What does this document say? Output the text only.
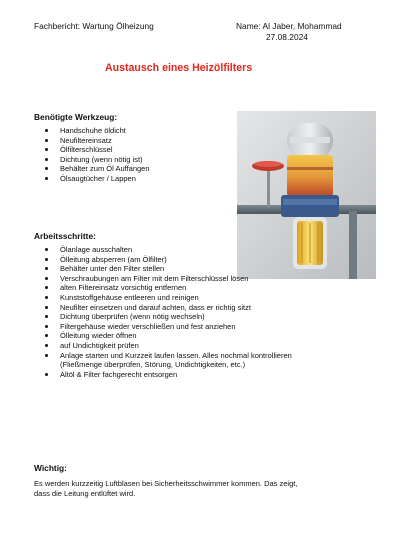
Fachbericht: Wartung Ölheizung	Name: Al Jaber, Mohammad
27.08.2024
Austausch eines Heizölfilters
Benötigte Werkzeug:
Handschuhe öldicht
Neufiltereinsatz
Ölfilterschlüssel
Dichtung (wenn nötig ist)
Behälter zum Öl Auffangen
Ölsaugtücher / Lappen
Arbeitsschritte:
Ölanlage ausschalten
Ölleitung absperren (am Ölfilter)
Behälter unter den Filter stellen
Verschraubungen am Filter mit dem Filterschlüssel lösen
alten Filtereinsatz vorsichtig entfernen
Kunststoffgehäuse entleeren und reinigen
Neufilter einsetzen und darauf achten, dass er richtig sitzt
Dichtung überprüfen (wenn nötig wechseln)
Filtergehäuse wieder verschließen und fest anziehen
Ölleitung wieder öffnen
auf Undichtigkeit prüfen
Anlage starten und Kurzzeit laufen lassen. Alles nochmal kontrollieren (Fließmenge überprüfen, Störung, Undichtigkeiten, etc.)
Altöl & Filter fachgerecht entsorgen
Wichtig:
Es werden kurzzeitig Luftblasen bei Sicherheitsschwimmer kommen. Das zeigt,
dass die Leitung entlüftet wird.
